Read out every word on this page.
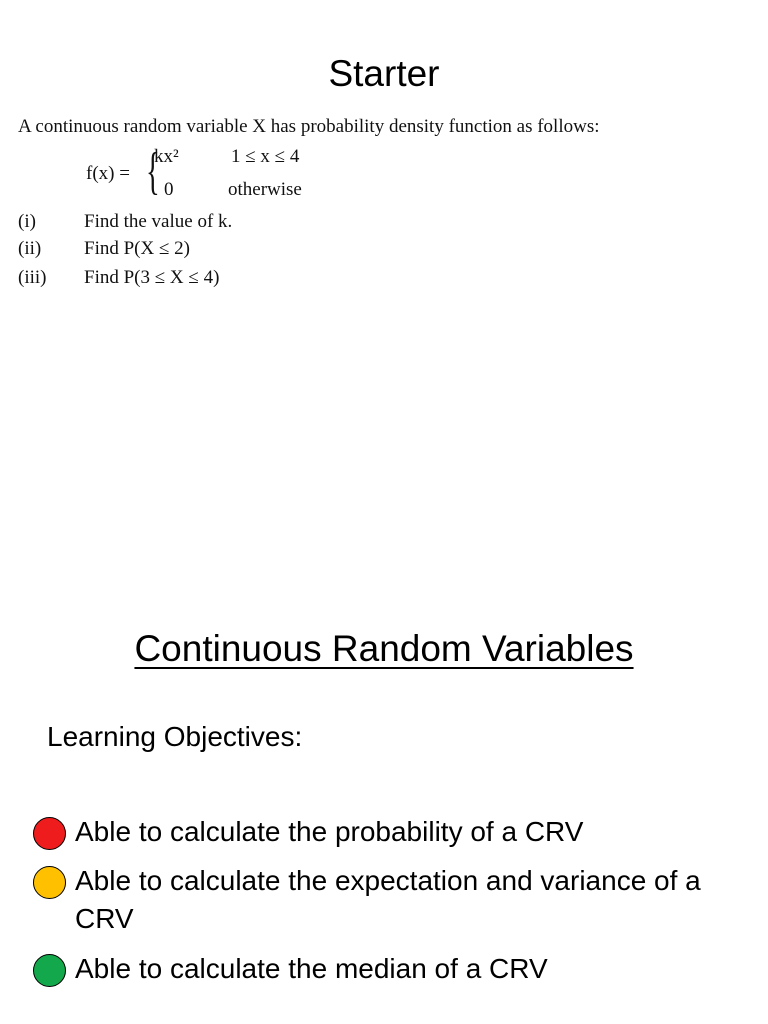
Starter
A continuous random variable X has probability density function as follows:
f(x) = {
kx²	1 ≤ x ≤ 4
0	otherwise
(i)	Find the value of k.
(ii) Find P(X ≤ 2)
(iii) Find P(3 ≤ X ≤ 4)
Continuous Random Variables
Learning Objectives:
Able to calculate the probability of a CRV
Able to calculate the expectation and variance of a CRV
Able to calculate the median of a CRV
